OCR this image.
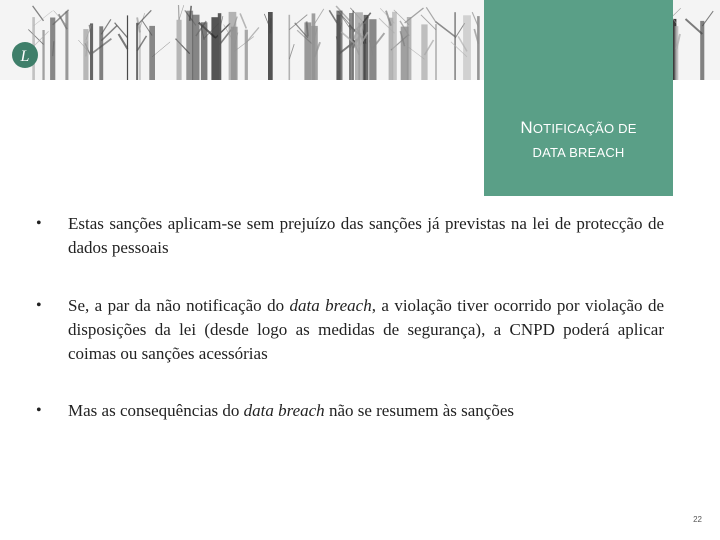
L
NOTIFICAÇÃO DE
DATA BREACH
• Estas sanções aplicam-se sem prejuízo das sanções já previstas na lei de protecção de dados pessoais
• Se, a par da não notificação do data breach, a violação tiver ocorrido por violação de disposições da lei (desde logo as medidas de segurança), a CNPD poderá aplicar coimas ou sanções acessórias
• Mas as consequências do data breach não se resumem às sanções
22
